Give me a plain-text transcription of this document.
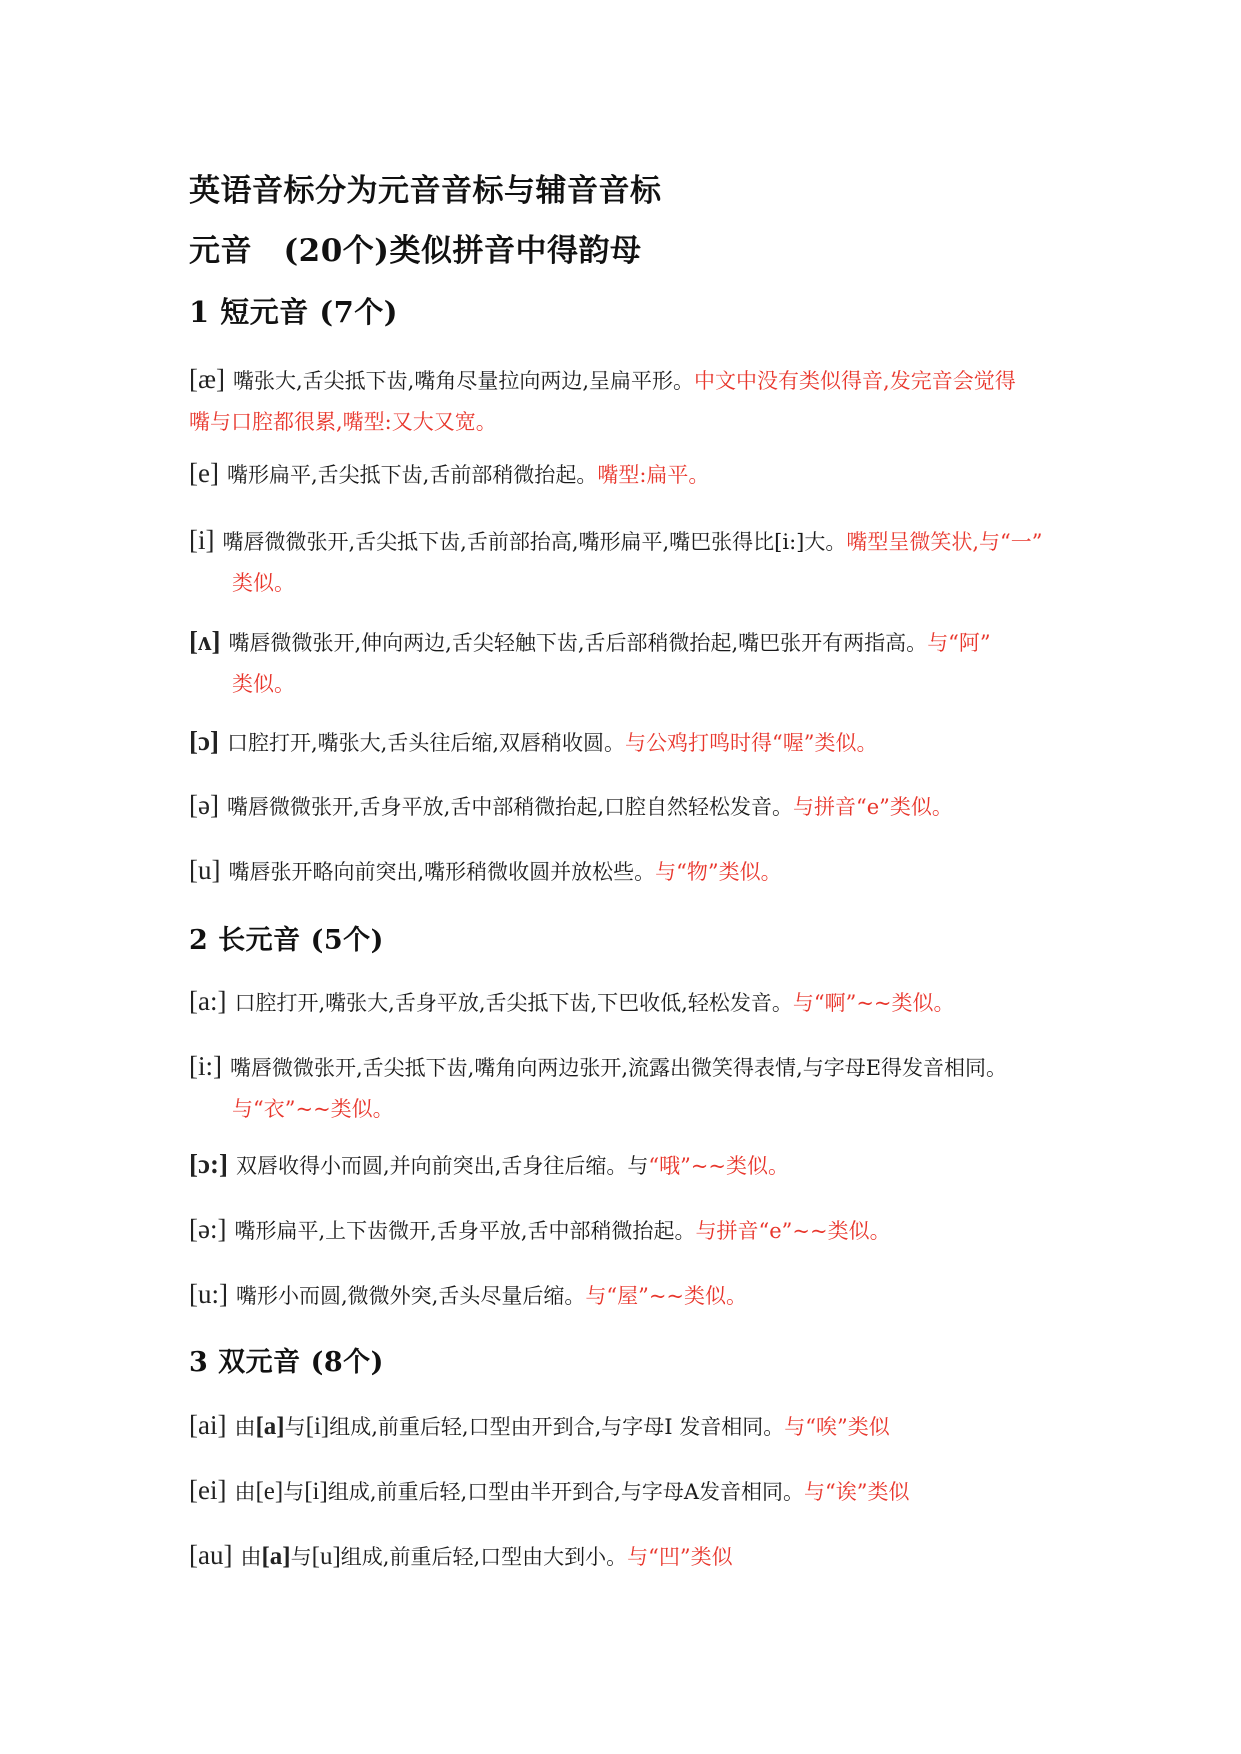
英语音标分为元音音标与辅音音标
元音　(20个)类似拼音中得韵母
1 短元音 (7个)
[æ] 嘴张大,舌尖抵下齿,嘴角尽量拉向两边,呈扁平形。中文中没有类似得音,发完音会觉得
嘴与口腔都很累,嘴型:又大又宽。
[e] 嘴形扁平,舌尖抵下齿,舌前部稍微抬起。嘴型:扁平。
[i] 嘴唇微微张开,舌尖抵下齿,舌前部抬高,嘴形扁平,嘴巴张得比[i:]大。嘴型呈微笑状,与“一”
类似。
[ʌ] 嘴唇微微张开,伸向两边,舌尖轻触下齿,舌后部稍微抬起,嘴巴张开有两指高。与“阿”
类似。
[ɔ] 口腔打开,嘴张大,舌头往后缩,双唇稍收圆。与公鸡打鸣时得“喔”类似。
[ə] 嘴唇微微张开,舌身平放,舌中部稍微抬起,口腔自然轻松发音。与拼音“e”类似。
[u] 嘴唇张开略向前突出,嘴形稍微收圆并放松些。与“物”类似。
2 长元音 (5个)
[a:] 口腔打开,嘴张大,舌身平放,舌尖抵下齿,下巴收低,轻松发音。与“啊”~~类似。
[i:] 嘴唇微微张开,舌尖抵下齿,嘴角向两边张开,流露出微笑得表情,与字母E得发音相同。
与“衣”~~类似。
[ɔ:] 双唇收得小而圆,并向前突出,舌身往后缩。与“哦”~~类似。
[ə:] 嘴形扁平,上下齿微开,舌身平放,舌中部稍微抬起。与拼音“e”~~类似。
[u:] 嘴形小而圆,微微外突,舌头尽量后缩。与“屋”~~类似。
3 双元音 (8个)
[ai] 由[a]与[i]组成,前重后轻,口型由开到合,与字母I 发音相同。与“唉”类似
[ei] 由[e]与[i]组成,前重后轻,口型由半开到合,与字母A发音相同。与“诶”类似
[au] 由[a]与[u]组成,前重后轻,口型由大到小。与“凹”类似
